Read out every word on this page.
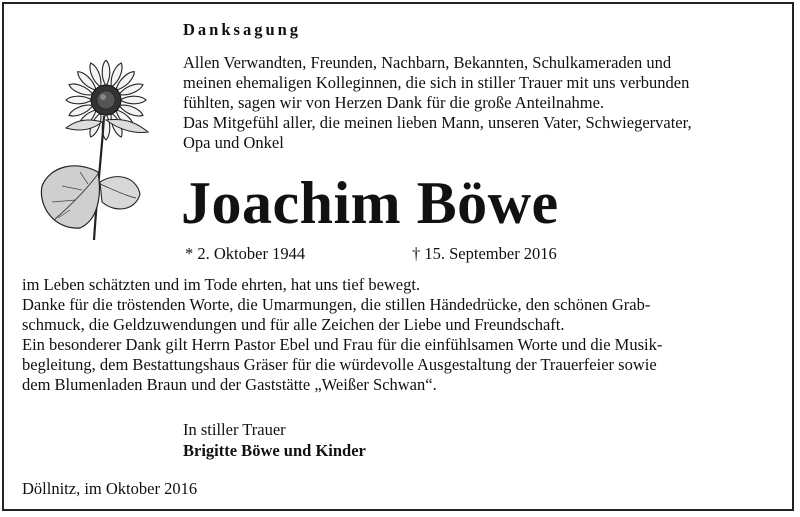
Danksagung
Allen Verwandten, Freunden, Nachbarn, Bekannten, Schulkameraden und
meinen ehemaligen Kolleginnen, die sich in stiller Trauer mit uns verbunden
fühlten, sagen wir von Herzen Dank für die große Anteilnahme.
Das Mitgefühl aller, die meinen lieben Mann, unseren Vater, Schwiegervater,
Opa und Onkel
Joachim Böwe
* 2. Oktober 1944	† 15. September 2016
im Leben schätzten und im Tode ehrten, hat uns tief bewegt.
Danke für die tröstenden Worte, die Umarmungen, die stillen Händedrücke, den schönen Grab-
schmuck, die Geldzuwendungen und für alle Zeichen der Liebe und Freundschaft.
Ein besonderer Dank gilt Herrn Pastor Ebel und Frau für die einfühlsamen Worte und die Musik-
begleitung, dem Bestattungshaus Gräser für die würdevolle Ausgestaltung der Trauerfeier sowie
dem Blumenladen Braun und der Gaststätte „Weißer Schwan“.
In stiller Trauer
Brigitte Böwe und Kinder
Döllnitz, im Oktober 2016
